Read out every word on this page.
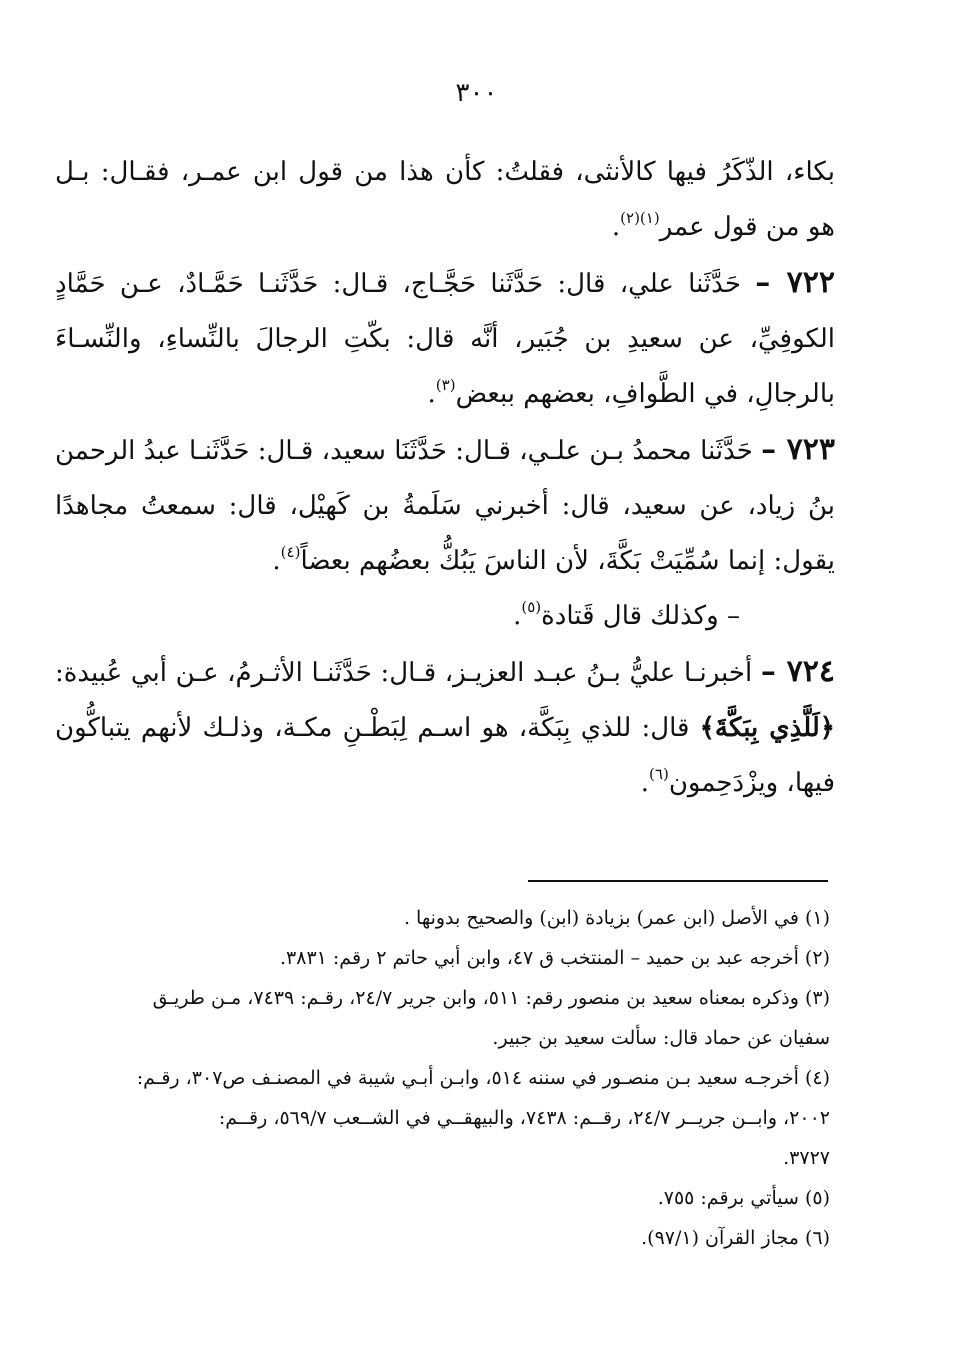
٣٠٠

بكاء، الذّكَرُ فيها كالأنثى، فقلتُ: كأن هذا من قول ابن عمـر، فقـال: بـل هو من قول عمر$^{(١)(٢)}$.

٧٢٢ – حَدَّثَنا علي، قال: حَدَّثَنا حَجَّـاج، قـال: حَدَّثَنـا حَمَّـادٌ، عـن حَمَّادٍ الكوفِيِّ، عن سعيدِ بن جُبَير، أنَّه قال: بكّتِ الرجالَ بالنِّساءِ، والنِّسـاءَ بالرجالِ، في الطَّوافِ، بعضهم ببعض$^{(٣)}$.

٧٢٣ – حَدَّثَنا محمدُ بـن علـي، قـال: حَدَّثَنَا سعيد، قـال: حَدَّثَنـا عبدُ الرحمن بنُ زياد، عن سعيد، قال: أخبرني سَلَمةُ بن كَهيْل، قال: سمعتُ مجاهدًا يقول: إنما سُمِّيَتْ بَكَّةَ، لأن الناسَ يَبُكُّ بعضُهم بعضاً$^{(٤)}$.

– وكذلك قال قَتادة$^{(٥)}$.

٧٢٤ – أخبرنـا عليُّ بـنُ عبـد العزيـز، قـال: حَدَّثَنـا الأثـرمُ، عـن أبي عُبيدة: ﴿لَلَّذِي بِبَكَّةَ﴾ قال: للذي بِبَكَّة، هو اسـم لِبَطْـنِ مكـة، وذلـك لأنهم يتباكُّون فيها، ويزْدَحِمون$^{(٦)}$.

(١) في الأصل (ابن عمر) بزيادة (ابن) والصحيح بدونها .

(٢) أخرجه عبد بن حميد – المنتخب ق ٤٧، وابن أبي حاتم ٢ رقم: ٣٨٣١.

(٣) وذكره بمعناه سعيد بن منصور رقم: ٥١١، وابن جرير ٢٤/٧، رقـم: ٧٤٣٩، مـن طريـق

سفيان عن حماد قال: سألت سعيد بن جبير.

(٤) أخرجـه سعيد بـن منصـور في سننه ٥١٤، وابـن أبـي شيبة في المصنـف ص٣٠٧، رقـم:

٢٠٠٢، وابــن جريــر ٢٤/٧، رقــم: ٧٤٣٨، والبيهقــي في الشــعب ٥٦٩/٧، رقــم:

٣٧٢٧.

(٥) سيأتي برقم: ٧٥٥.

(٦) مجاز القرآن (٩٧/١).
